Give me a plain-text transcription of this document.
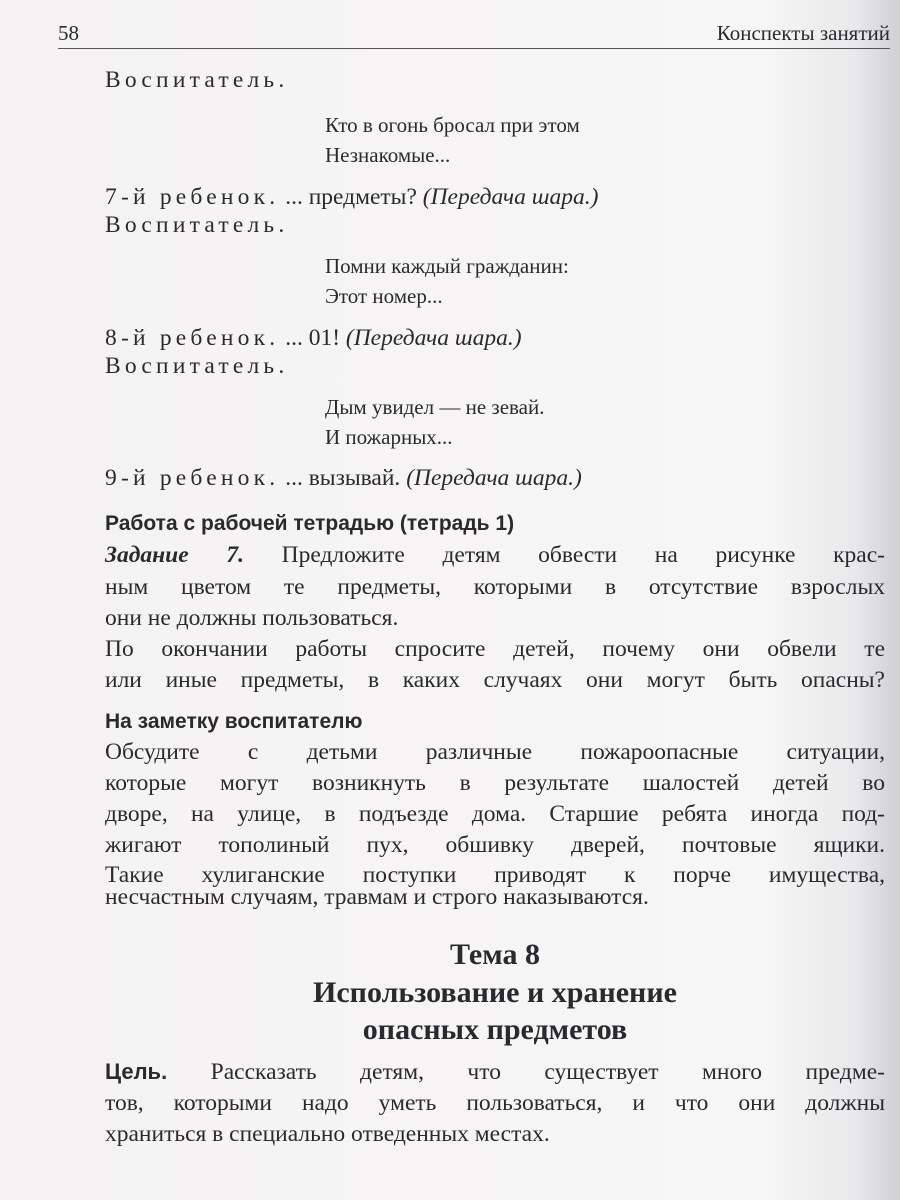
58	Конспекты занятий
Воспитатель.
Кто в огонь бросал при этом
Незнакомые...
7-й ребенок. ... предметы? (Передача шара.)
Воспитатель.
Помни каждый гражданин:
Этот номер...
8-й ребенок. ... 01! (Передача шара.)
Воспитатель.
Дым увидел — не зевай.
И пожарных...
9-й ребенок. ... вызывай. (Передача шара.)
Работа с рабочей тетрадью (тетрадь 1)
Задание 7. Предложите детям обвести на рисунке крас-
ным цветом те предметы, которыми в отсутствие взрослых
они не должны пользоваться.
По окончании работы спросите детей, почему они обвели те
или иные предметы, в каких случаях они могут быть опасны?
На заметку воспитателю
Обсудите с детьми различные пожароопасные ситуации,
которые могут возникнуть в результате шалостей детей во
дворе, на улице, в подъезде дома. Старшие ребята иногда под-
жигают тополиный пух, обшивку дверей, почтовые ящики.
Такие хулиганские поступки приводят к порче имущества,
несчастным случаям, травмам и строго наказываются.
Тема 8
Использование и хранение
опасных предметов
Цель. Рассказать детям, что существует много предме-
тов, которыми надо уметь пользоваться, и что они должны
храниться в специально отведенных местах.
